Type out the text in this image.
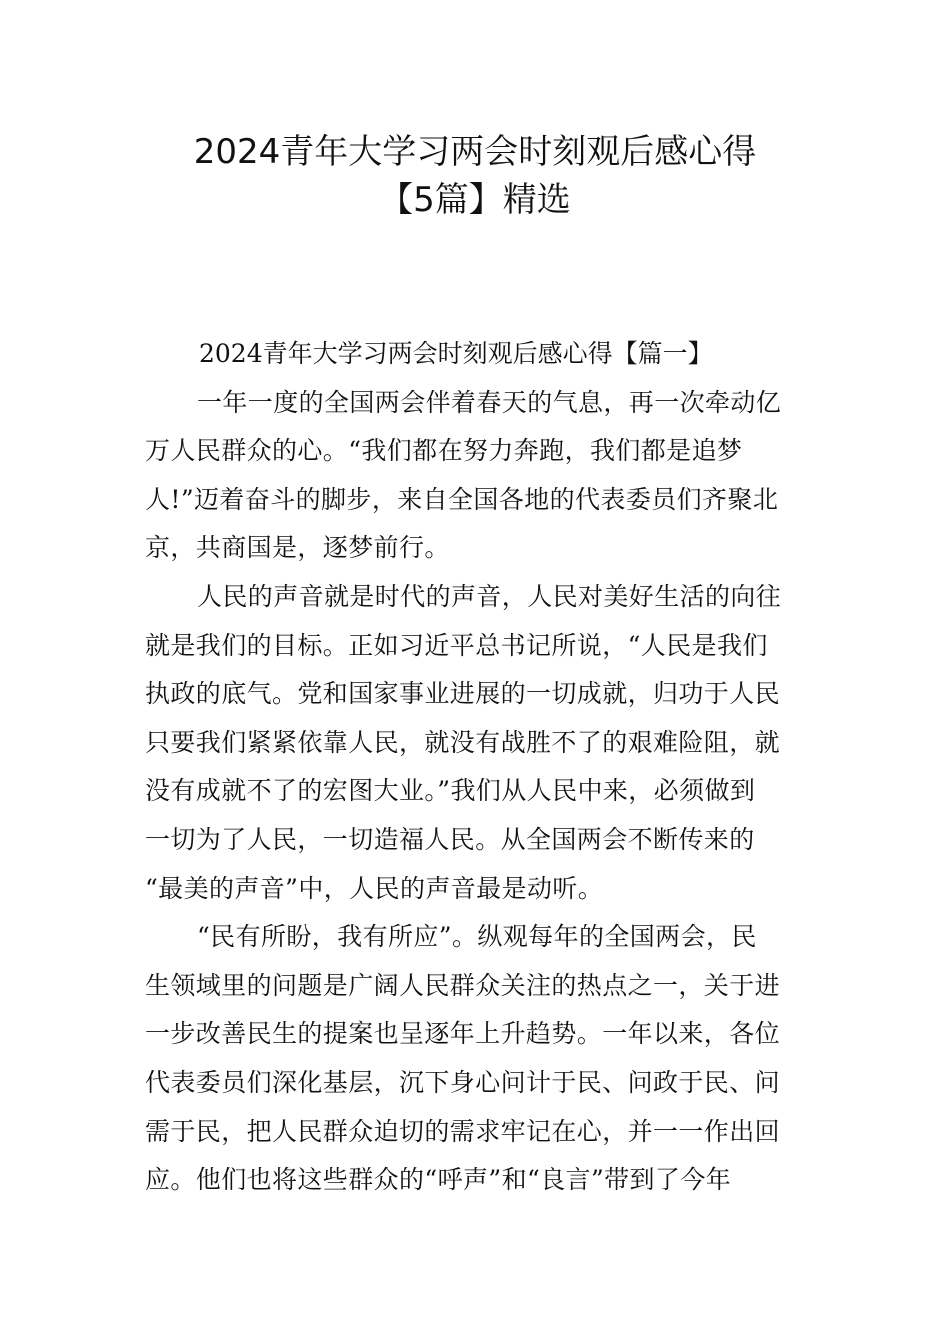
2024青年大学习两会时刻观后感心得
【5篇】精选
2024青年大学习两会时刻观后感心得【篇一】
一年一度的全国两会伴着春天的气息，再一次牵动亿
万人民群众的心。“我们都在努力奔跑，我们都是追梦
人!”迈着奋斗的脚步，来自全国各地的代表委员们齐聚北
京，共商国是，逐梦前行。
人民的声音就是时代的声音，人民对美好生活的向往
就是我们的目标。正如习近平总书记所说，“人民是我们
执政的底气。党和国家事业进展的一切成就，归功于人民
只要我们紧紧依靠人民，就没有战胜不了的艰难险阻，就
没有成就不了的宏图大业。”我们从人民中来，必须做到
一切为了人民，一切造福人民。从全国两会不断传来的
“最美的声音”中，人民的声音最是动听。
“民有所盼，我有所应”。纵观每年的全国两会，民
生领域里的问题是广阔人民群众关注的热点之一，关于进
一步改善民生的提案也呈逐年上升趋势。一年以来，各位
代表委员们深化基层，沉下身心问计于民、问政于民、问
需于民，把人民群众迫切的需求牢记在心，并一一作出回
应。他们也将这些群众的“呼声”和“良言”带到了今年
